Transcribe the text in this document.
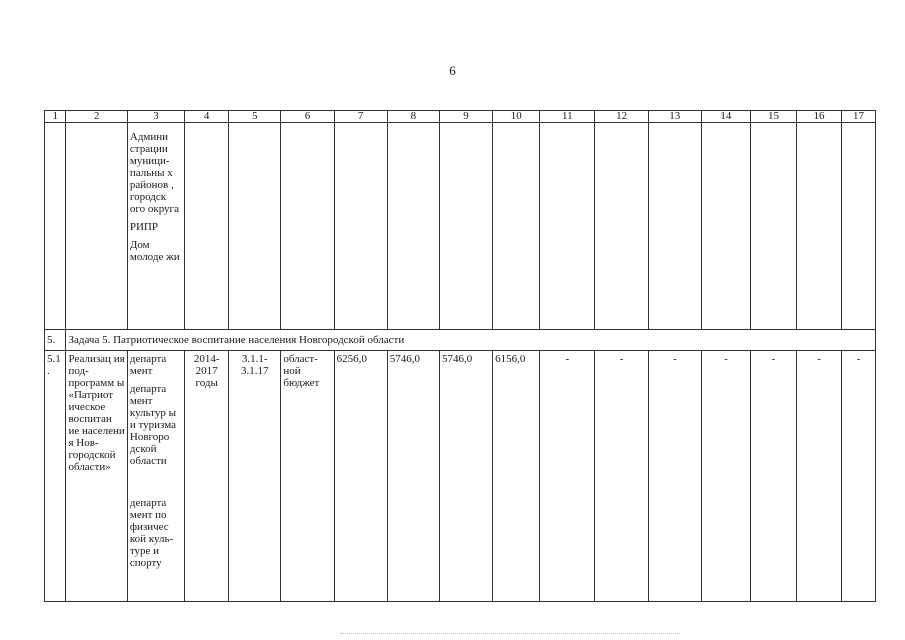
6
1	2	3	4	5	6	7	8	9	10	11	12	13	14	15	16	17

		Админи страции муници- пальны х районов , городск ого округа

РИПР

Дом молоде жи														

5.	Задача 5. Патриотическое воспитание населения Новгородской области															
5.1 .	Реализац ия под- программ ы «Патриот ическое воспитан ие населени я Нов- городской области»	департа мент

департа мент культур ы и туризма Новгоро дской области

департа мент по физичес кой куль- туре и спорту	2014-2017 годы	3.1.1-3.1.17	област- ной бюджет	6256,0	5746,0	5746,0	6156,0	-	-	-	-	-	-	-
